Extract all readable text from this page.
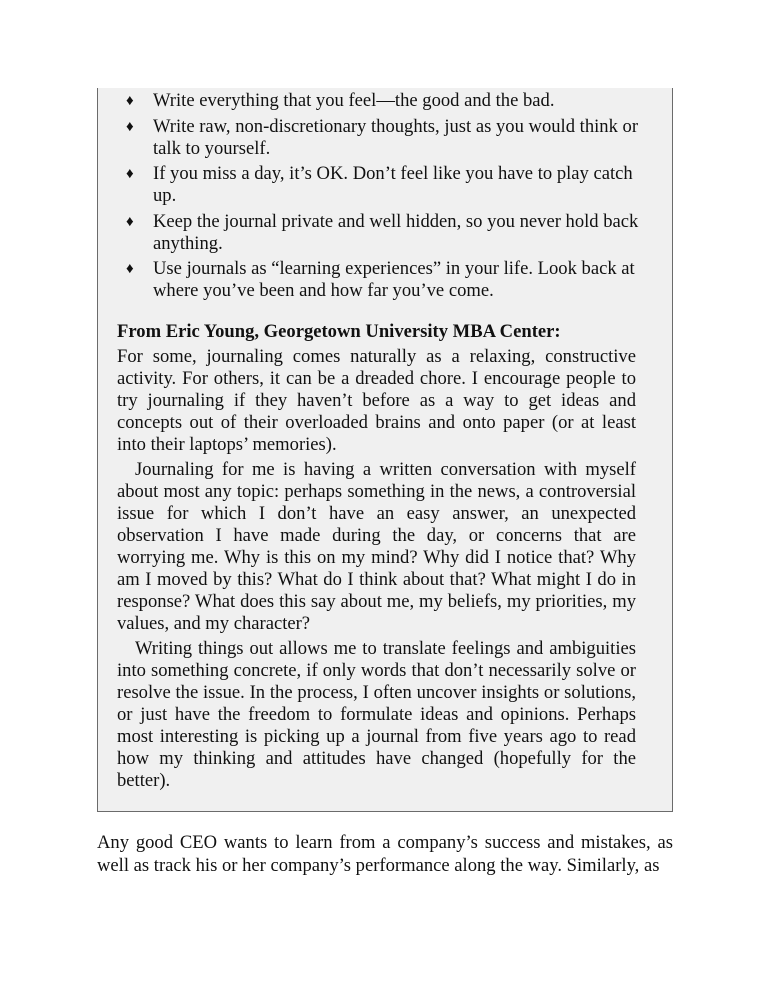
♦ Write everything that you feel—the good and the bad.
♦ Write raw, non-discretionary thoughts, just as you would think or talk to yourself.
♦ If you miss a day, it’s OK. Don’t feel like you have to play catch up.
♦ Keep the journal private and well hidden, so you never hold back anything.
♦ Use journals as “learning experiences” in your life. Look back at where you’ve been and how far you’ve come.
From Eric Young, Georgetown University MBA Center:

For some, journaling comes naturally as a relaxing, constructive activity. For others, it can be a dreaded chore. I encourage people to try journaling if they haven’t before as a way to get ideas and concepts out of their overloaded brains and onto paper (or at least into their laptops’ memories).

Journaling for me is having a written conversation with myself about most any topic: perhaps something in the news, a controversial issue for which I don’t have an easy answer, an unexpected observation I have made during the day, or concerns that are worrying me. Why is this on my mind? Why did I notice that? Why am I moved by this? What do I think about that? What might I do in response? What does this say about me, my beliefs, my priorities, my values, and my character?

Writing things out allows me to translate feelings and ambiguities into something concrete, if only words that don’t necessarily solve or resolve the issue. In the process, I often uncover insights or solutions, or just have the freedom to formulate ideas and opinions. Perhaps most interesting is picking up a journal from five years ago to read how my thinking and attitudes have changed (hopefully for the better).

Any good CEO wants to learn from a company’s success and mistakes, as well as track his or her company’s performance along the way. Similarly, as
